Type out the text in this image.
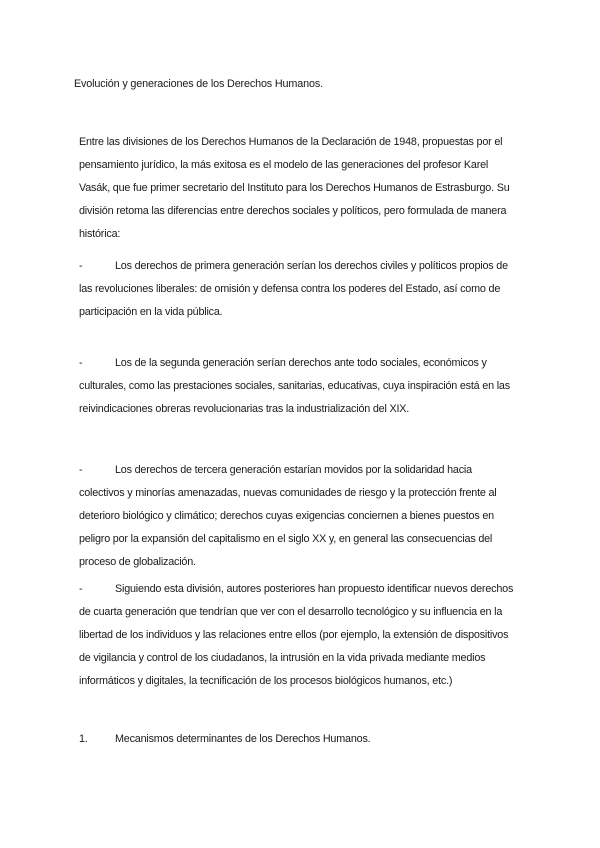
Evolución y generaciones de los Derechos Humanos.

Entre las divisiones de los Derechos Humanos de la Declaración de 1948, propuestas por el pensamiento jurídico, la más exitosa es el modelo de las generaciones del profesor Karel Vasák, que fue primer secretario del Instituto para los Derechos Humanos de Estrasburgo. Su división retoma las diferencias entre derechos sociales y políticos, pero formulada de manera histórica:

-	Los derechos de primera generación serían los derechos civiles y políticos propios de las revoluciones liberales: de omisión y defensa contra los poderes del Estado, así como de participación en la vida pública.

-	Los de la segunda generación serían derechos ante todo sociales, económicos y culturales, como las prestaciones sociales, sanitarias, educativas, cuya inspiración está en las reivindicaciones obreras revolucionarias tras la industrialización del XIX.

-	Los derechos de tercera generación estarían movidos por la solidaridad hacia colectivos y minorías amenazadas, nuevas comunidades de riesgo y la protección frente al deterioro biológico y climático; derechos cuyas exigencias conciernen a bienes puestos en peligro por la expansión del capitalismo en el siglo XX y, en general las consecuencias del proceso de globalización.

-	Siguiendo esta división, autores posteriores han propuesto identificar nuevos derechos de cuarta generación que tendrían que ver con el desarrollo tecnológico y su influencia en la libertad de los individuos y las relaciones entre ellos (por ejemplo, la extensión de dispositivos de vigilancia y control de los ciudadanos, la intrusión en la vida privada mediante medios informáticos y digitales, la tecnificación de los procesos biológicos humanos, etc.)

1.	Mecanismos determinantes de los Derechos Humanos.
